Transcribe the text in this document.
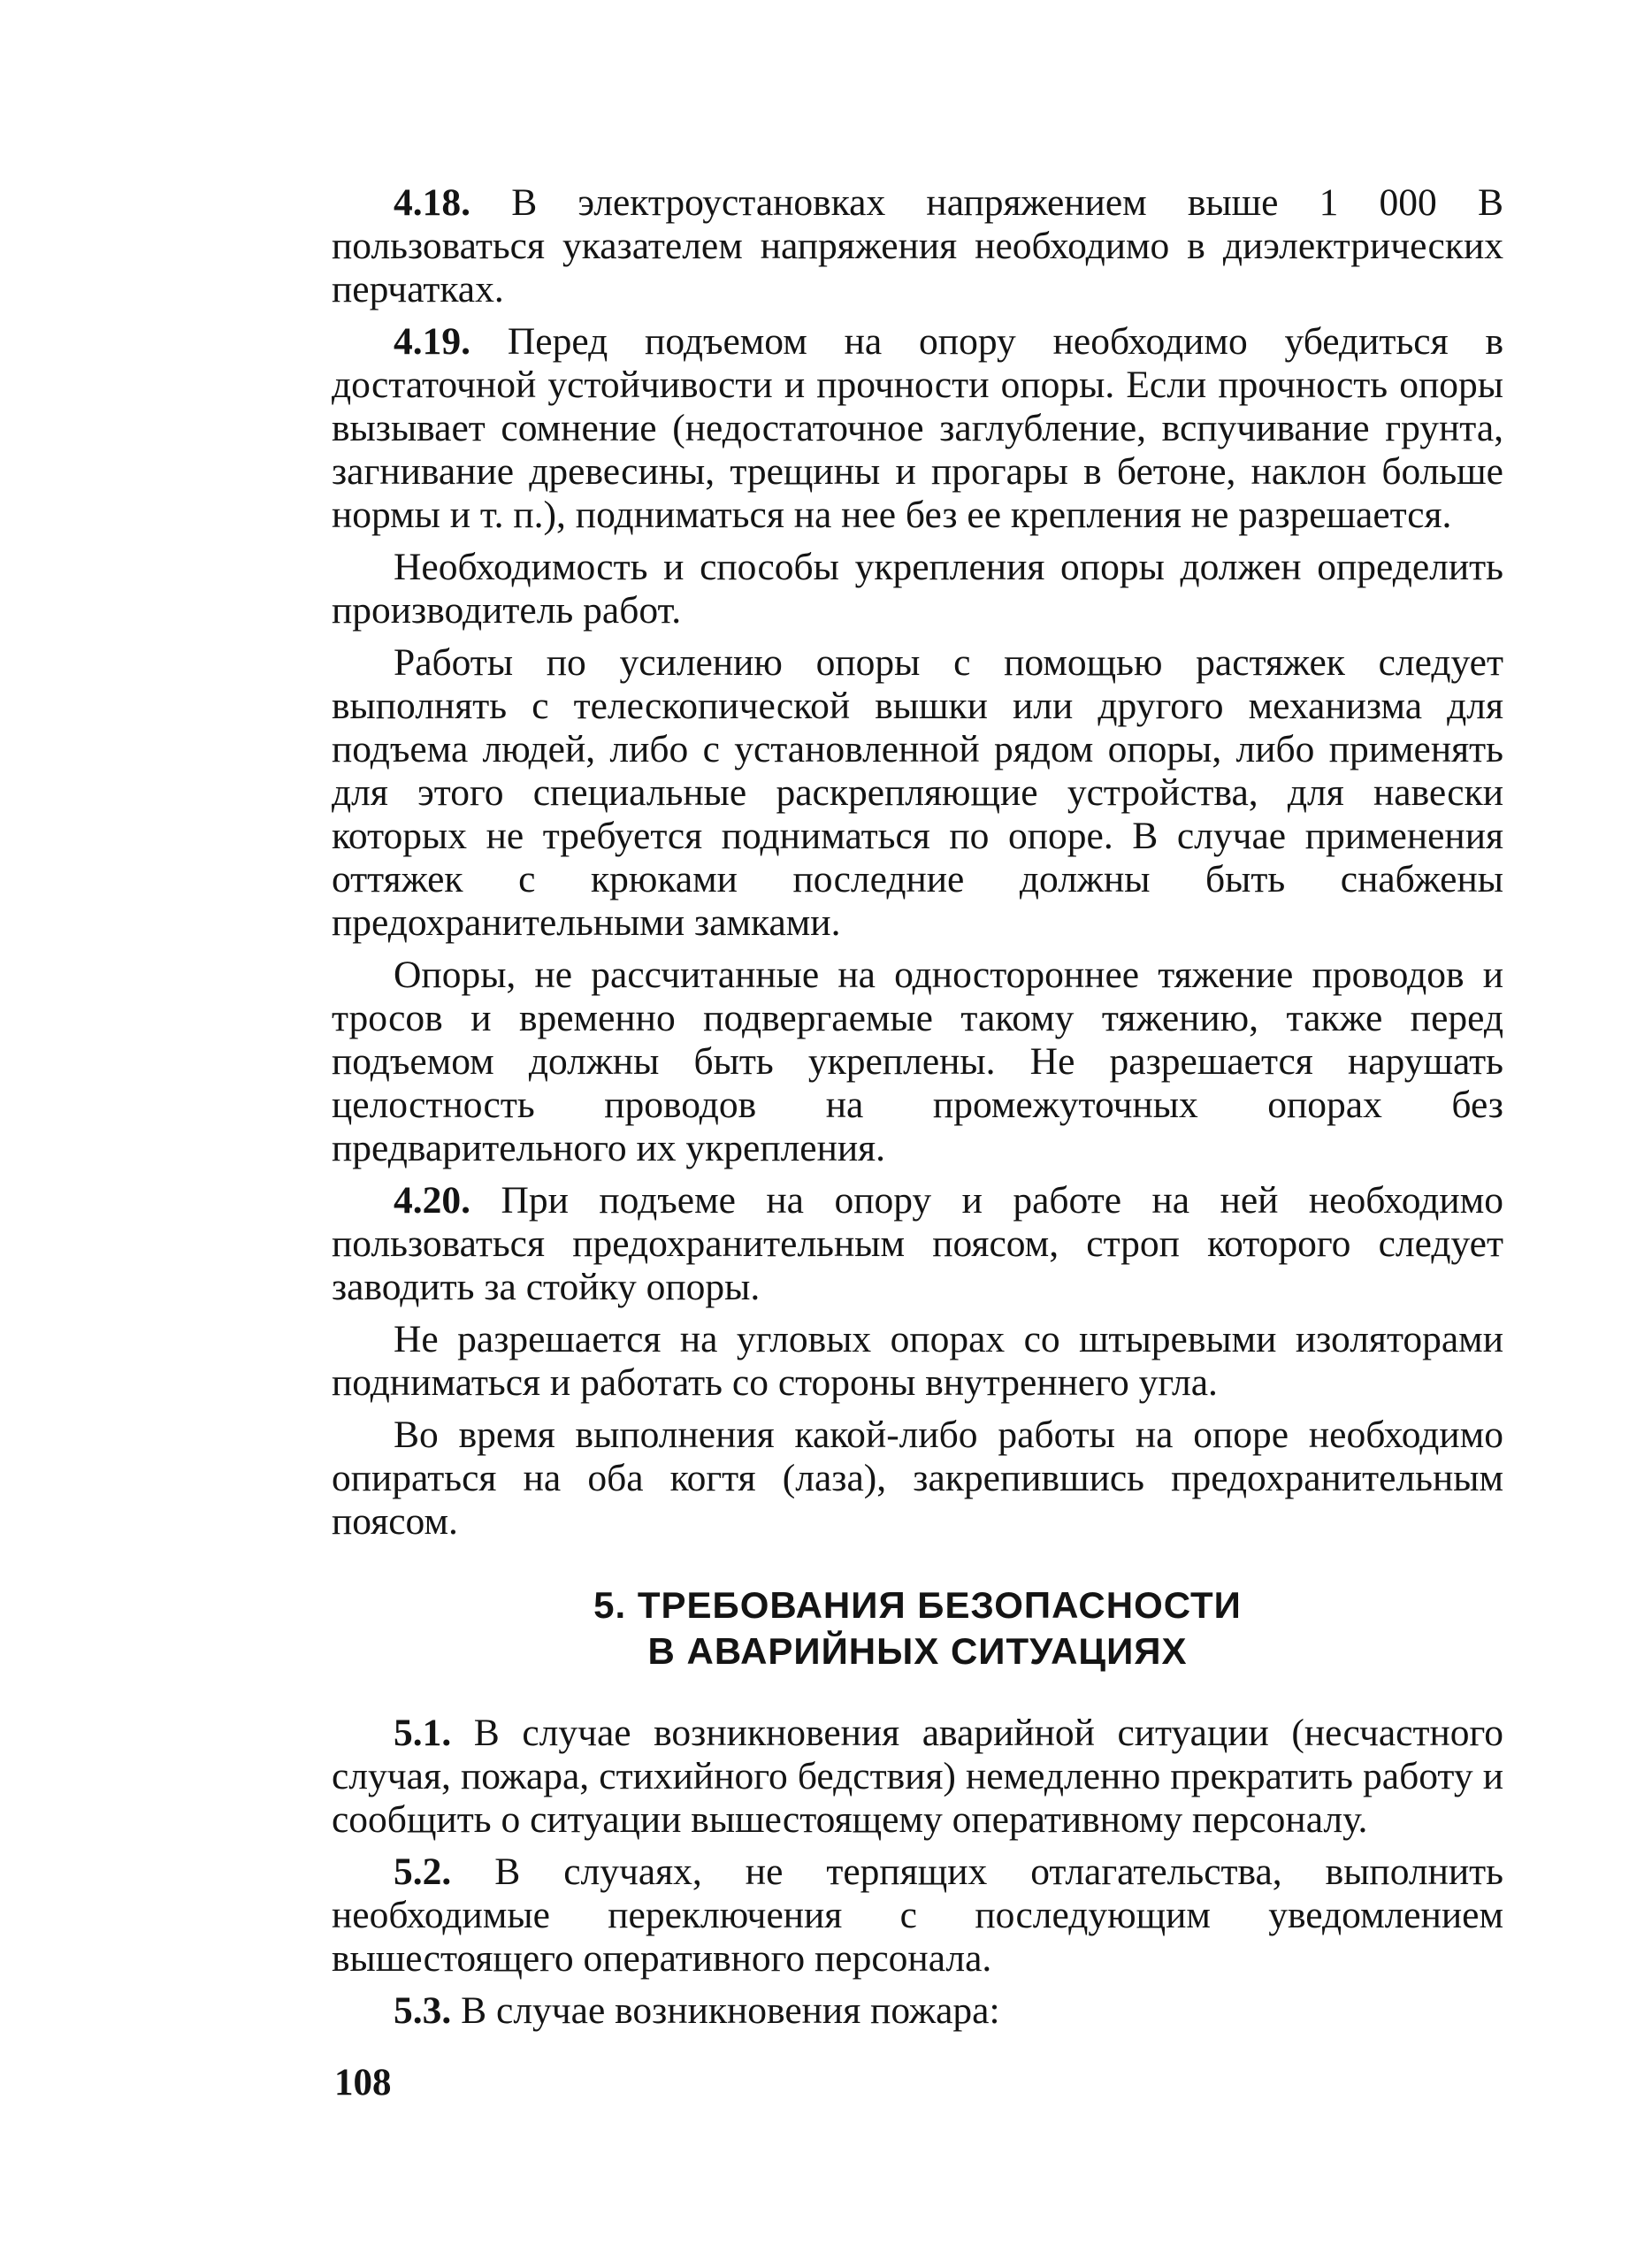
4.18. В электроустановках напряжением выше 1 000 В пользоваться указателем напряжения необходимо в диэлектрических перчатках.

4.19. Перед подъемом на опору необходимо убедиться в достаточной устойчивости и прочности опоры. Если прочность опоры вызывает сомнение (недостаточное заглубление, вспучивание грунта, загнивание древесины, трещины и прогары в бетоне, наклон больше нормы и т. п.), подниматься на нее без ее крепления не разрешается.

Необходимость и способы укрепления опоры должен определить производитель работ.

Работы по усилению опоры с помощью растяжек следует выполнять с телескопической вышки или другого механизма для подъема людей, либо с установленной рядом опоры, либо применять для этого специальные раскрепляющие устройства, для навески которых не требуется подниматься по опоре. В случае применения оттяжек с крюками последние должны быть снабжены предохранительными замками.

Опоры, не рассчитанные на одностороннее тяжение проводов и тросов и временно подвергаемые такому тяжению, также перед подъемом должны быть укреплены. Не разрешается нарушать целостность проводов на промежуточных опорах без предварительного их укрепления.

4.20. При подъеме на опору и работе на ней необходимо пользоваться предохранительным поясом, строп которого следует заводить за стойку опоры.

Не разрешается на угловых опорах со штыревыми изоляторами подниматься и работать со стороны внутреннего угла.

Во время выполнения какой-либо работы на опоре необходимо опираться на оба когтя (лаза), закрепившись предохранительным поясом.

5. ТРЕБОВАНИЯ БЕЗОПАСНОСТИ
В АВАРИЙНЫХ СИТУАЦИЯХ

5.1. В случае возникновения аварийной ситуации (несчастного случая, пожара, стихийного бедствия) немедленно прекратить работу и сообщить о ситуации вышестоящему оперативному персоналу.

5.2. В случаях, не терпящих отлагательства, выполнить необходимые переключения с последующим уведомлением вышестоящего оперативного персонала.

5.3. В случае возникновения пожара:

108
